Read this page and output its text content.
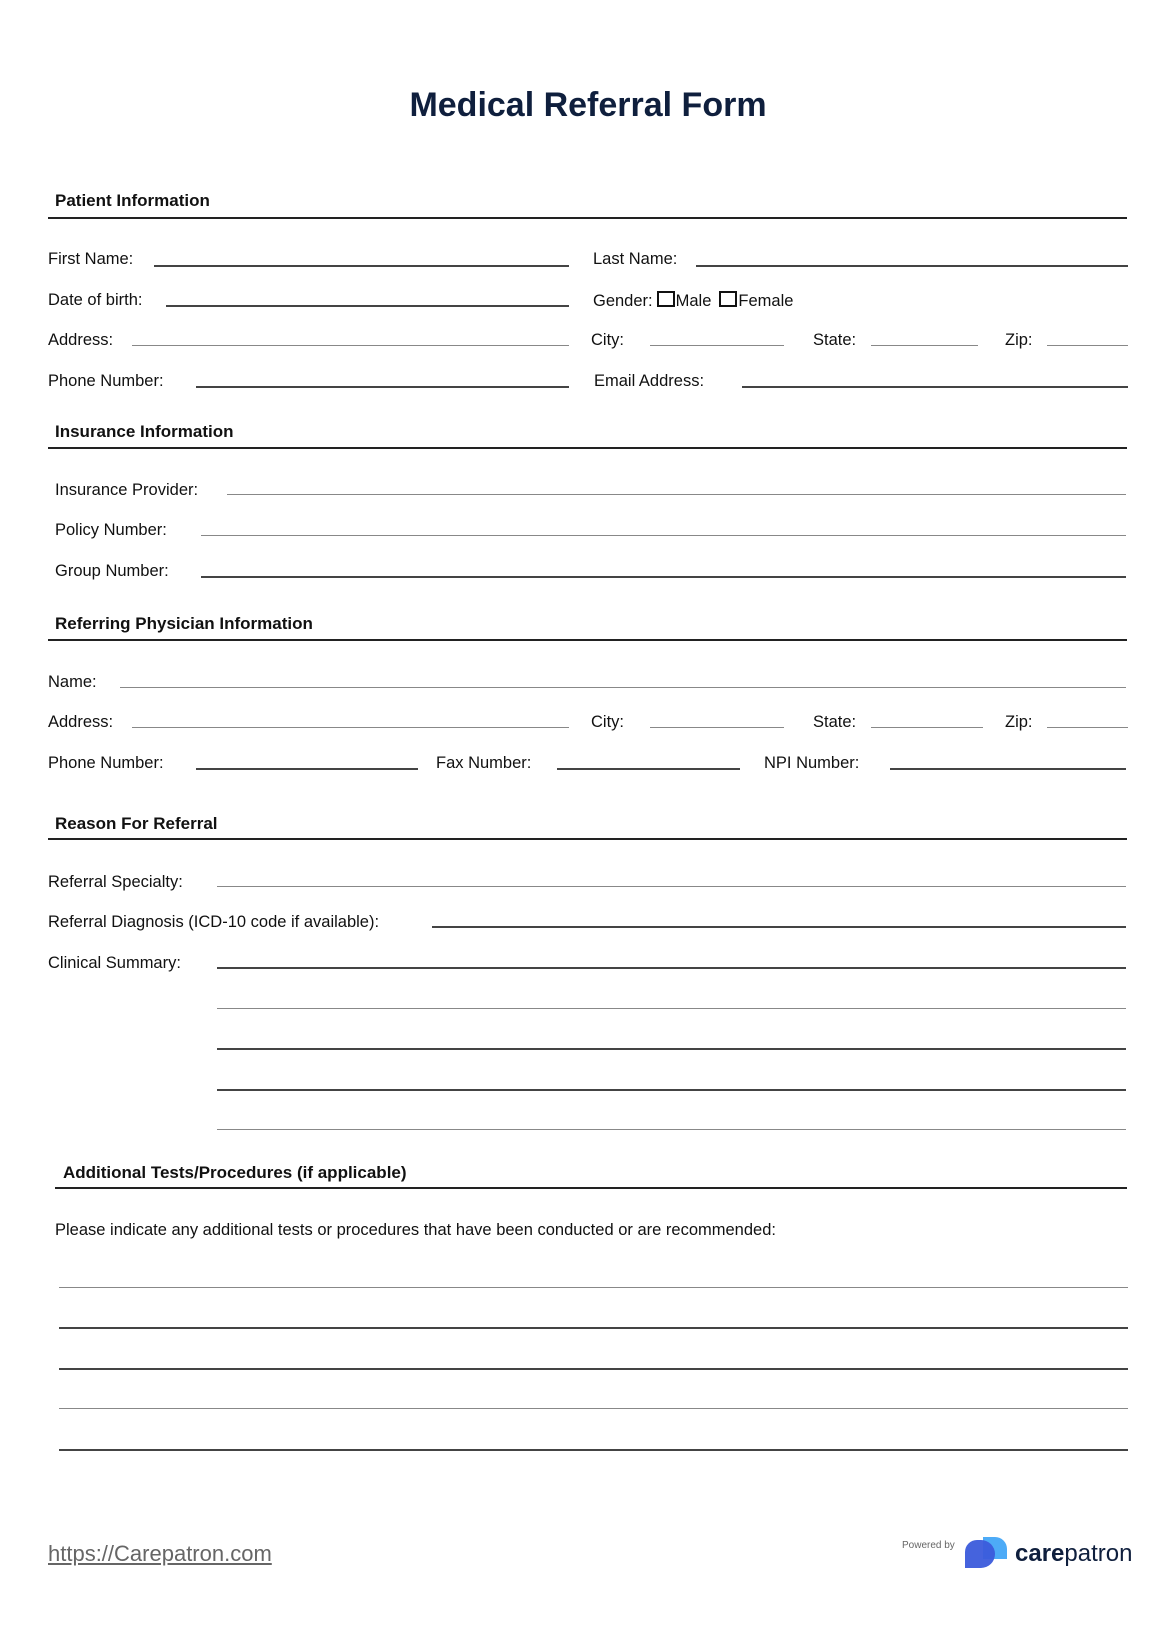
Medical Referral Form
Patient Information
First Name:	Last Name:
Date of birth:	Gender: Male Female
Address:	City:	State:	Zip:
Phone Number:	Email Address:
Insurance Information
Insurance Provider:
Policy Number:
Group Number:
Referring Physician Information
Name:
Address:	City:	State:	Zip:
Phone Number:	Fax Number:	NPI Number:
Reason For Referral
Referral Specialty:
Referral Diagnosis (ICD-10 code if available):
Clinical Summary:
Additional Tests/Procedures (if applicable)
Please indicate any additional tests or procedures that have been conducted or are recommended:
https://Carepatron.com	Powered by	carepatron
